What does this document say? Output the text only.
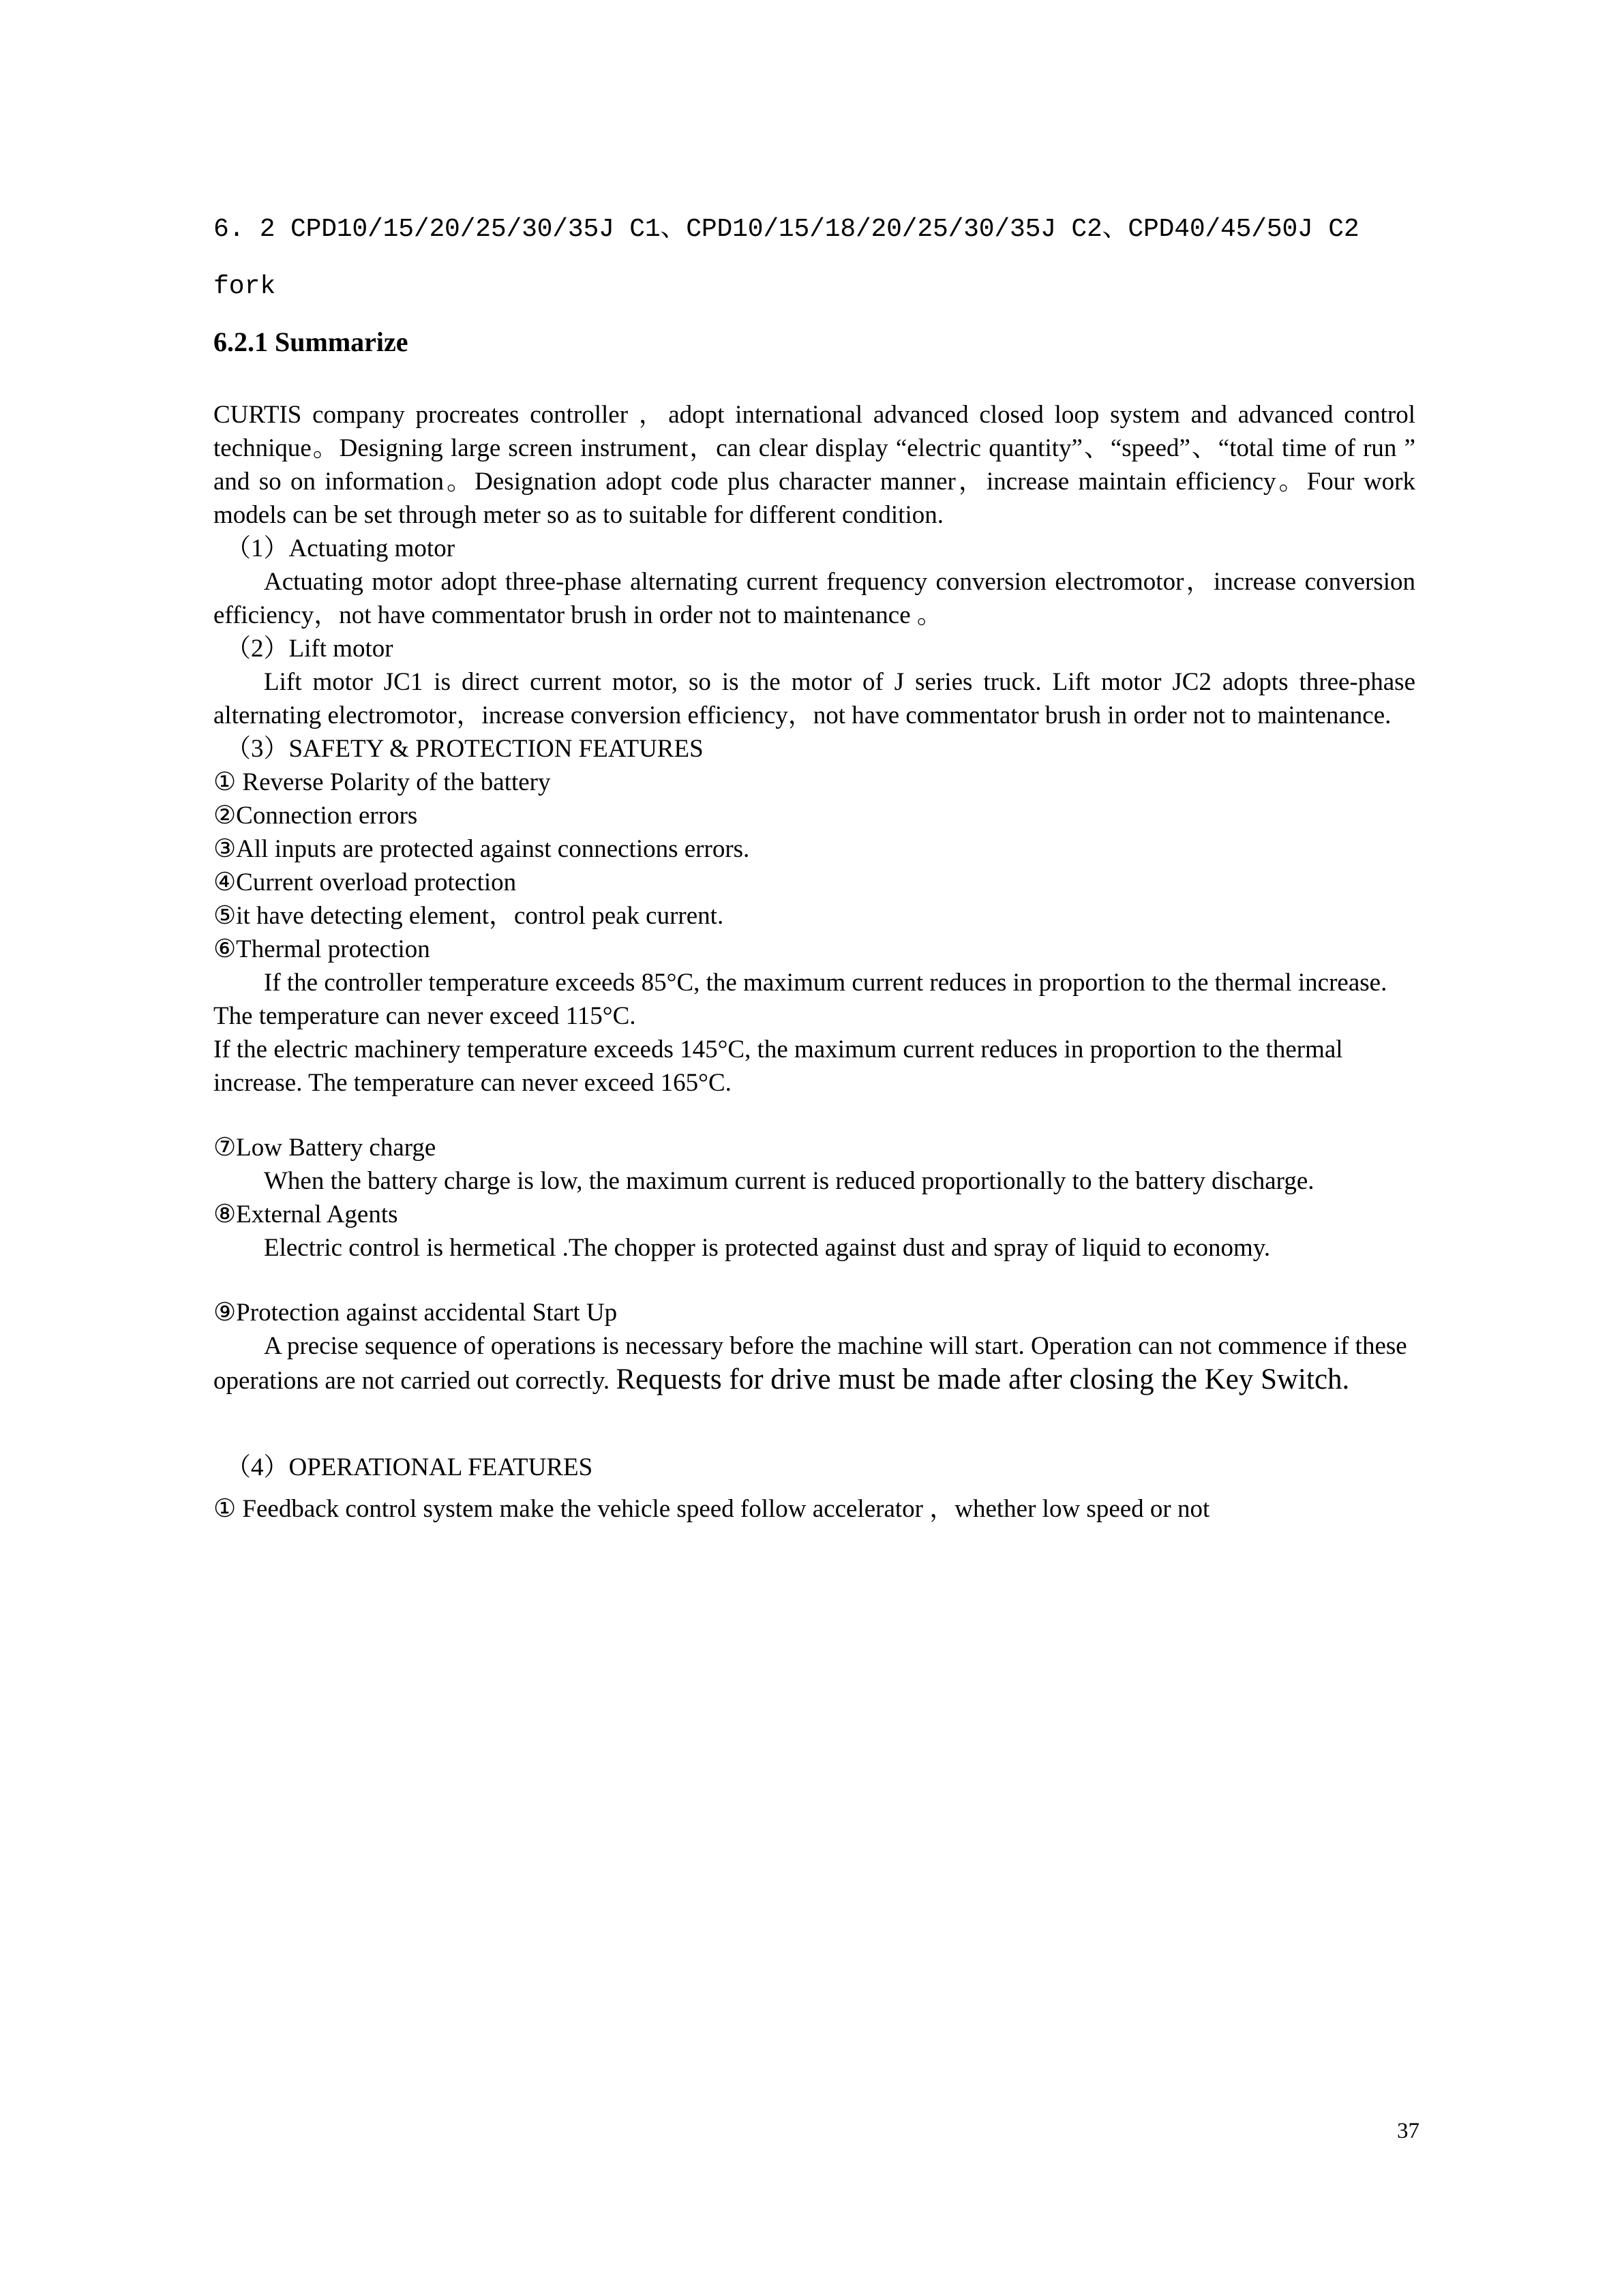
6. 2 CPD10/15/20/25/30/35J C1、CPD10/15/18/20/25/30/35J C2、CPD40/45/50J C2
fork
6.2.1 Summarize

CURTIS company procreates controller ，adopt international advanced closed loop system and advanced control technique。Designing large screen instrument，can clear display “electric quantity”、“speed”、“total time of run ” and so on information。Designation adopt code plus character manner，increase maintain efficiency。Four work models can be set through meter so as to suitable for different condition.

（1）Actuating motor

Actuating motor adopt three-phase alternating current frequency conversion electromotor，increase conversion efficiency，not have commentator brush in order not to maintenance 。

（2）Lift motor

Lift motor JC1 is direct current motor, so is the motor of J series truck. Lift motor JC2 adopts three-phase alternating electromotor，increase conversion efficiency，not have commentator brush in order not to maintenance.

（3）SAFETY & PROTECTION FEATURES
① Reverse Polarity of the battery
②Connection errors
③All inputs are protected against connections errors.
④Current overload protection
⑤it have detecting element，control peak current.
⑥Thermal protection

If the controller temperature exceeds 85°C, the maximum current reduces in proportion to the thermal increase. The temperature can never exceed 115°C.

If the electric machinery temperature exceeds 145°C, the maximum current reduces in proportion to the thermal increase. The temperature can never exceed 165°C.

⑦Low Battery charge

When the battery charge is low, the maximum current is reduced proportionally to the battery discharge.

⑧External Agents

Electric control is hermetical .The chopper is protected against dust and spray of liquid to economy.

⑨Protection against accidental Start Up

A precise sequence of operations is necessary before the machine will start. Operation can not commence if these operations are not carried out correctly. Requests for drive must be made after closing the Key Switch.

（4）OPERATIONAL FEATURES
① Feedback control system make the vehicle speed follow accelerator ，whether low speed or not
37
